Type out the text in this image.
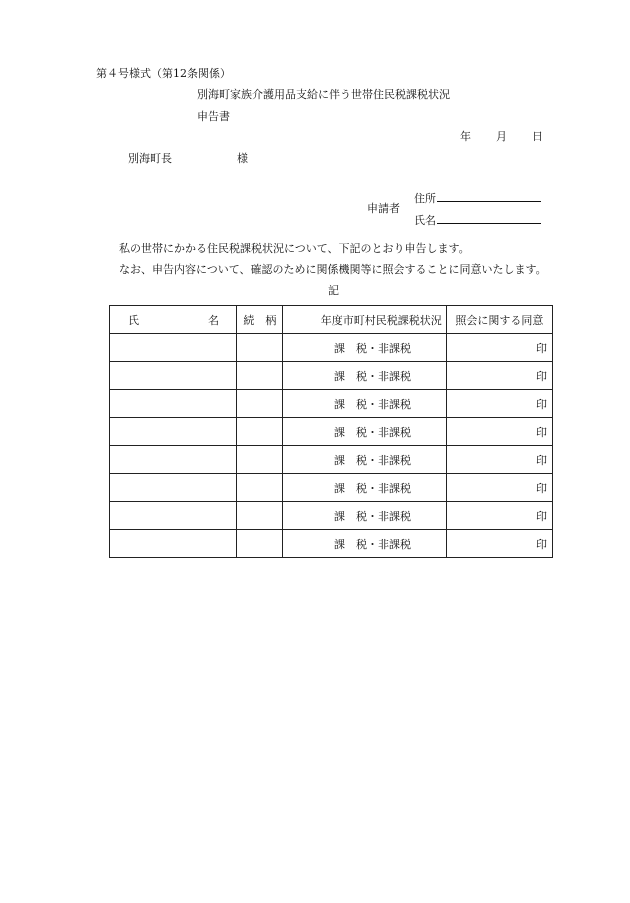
第４号様式（第12条関係）
別海町家族介護用品支給に伴う世帯住民税課税状況
申告書
年 月 日
別海町長	様
申請者
住所
氏名
私の世帯にかかる住民税課税状況について、下記のとおり申告します。
なお、申告内容について、確認のために関係機関等に照会することに同意いたします。
記
氏 名	続　柄	年度市町村民税課税状況	照会に関する同意
		課　税・非課税	印
		課　税・非課税	印
		課　税・非課税	印
		課　税・非課税	印
		課　税・非課税	印
		課　税・非課税	印
		課　税・非課税	印
		課　税・非課税	印
